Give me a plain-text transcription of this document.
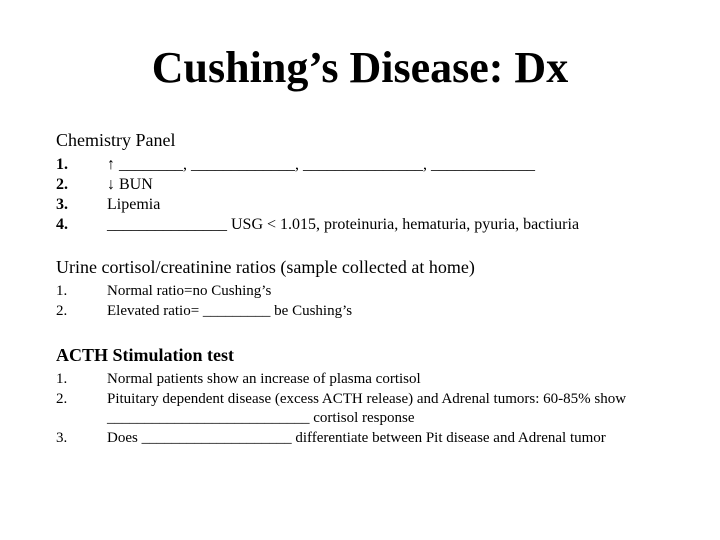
Cushing’s Disease: Dx
Chemistry Panel
1. ↑ ________, _____________, _______________, _____________
2. ↓ BUN
3. Lipemia
4. _______________ USG < 1.015, proteinuria, hematuria, pyuria, bactiuria
Urine cortisol/creatinine ratios (sample collected at home)
1.	Normal ratio=no Cushing’s
2.	Elevated ratio= _________ be Cushing’s
ACTH Stimulation test
1.	Normal patients show an increase of plasma cortisol
2.	Pituitary dependent disease (excess ACTH release) and Adrenal tumors: 60-85% show ___________________________ cortisol response
3.	Does ____________________ differentiate between Pit disease and Adrenal tumor
